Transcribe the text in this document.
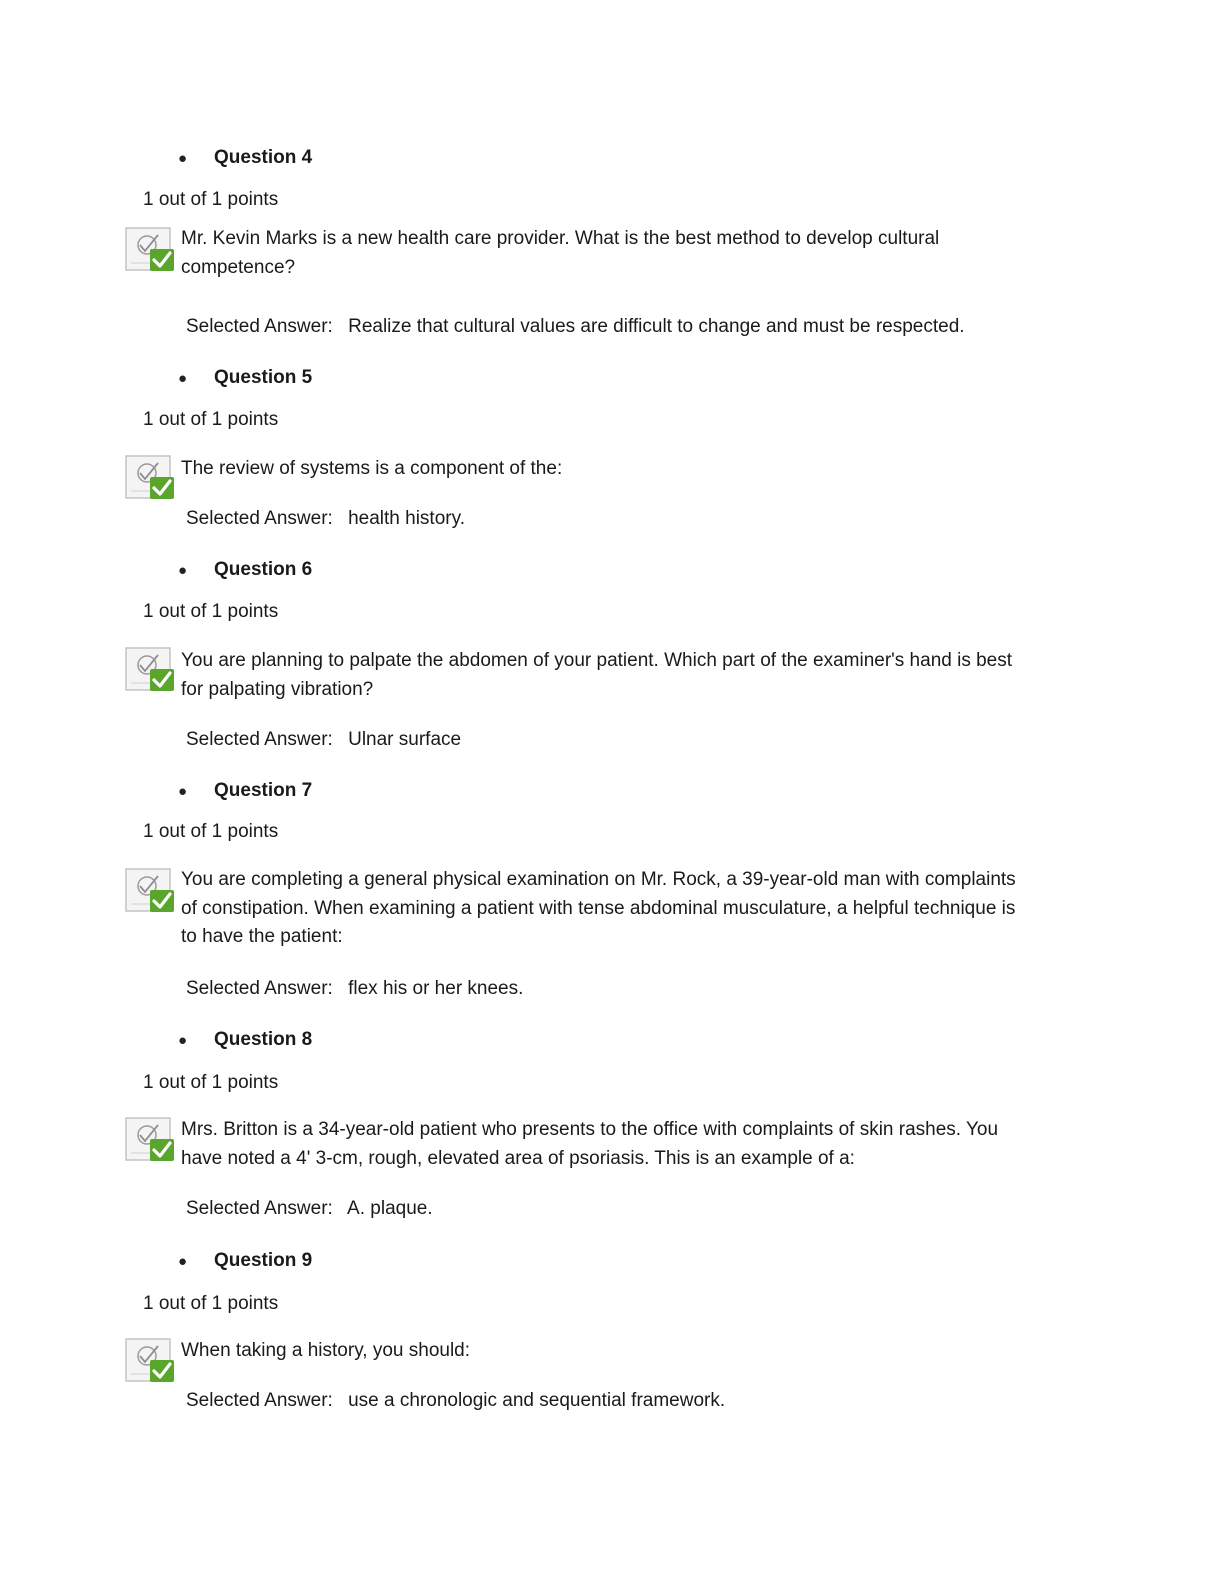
●	Question 4
1 out of 1 points
Mr. Kevin Marks is a new health care provider. What is the best method to develop cultural competence?
Selected Answer: Realize that cultural values are difficult to change and must be respected.
●	Question 5
1 out of 1 points
The review of systems is a component of the:
Selected Answer: health history.
●	Question 6
1 out of 1 points
You are planning to palpate the abdomen of your patient. Which part of the examiner's hand is best for palpating vibration?
Selected Answer: Ulnar surface
●	Question 7
1 out of 1 points
You are completing a general physical examination on Mr. Rock, a 39-year-old man with complaints of constipation. When examining a patient with tense abdominal musculature, a helpful technique is to have the patient:
Selected Answer: flex his or her knees.
●	Question 8
1 out of 1 points
Mrs. Britton is a 34-year-old patient who presents to the office with complaints of skin rashes. You have noted a 4' 3-cm, rough, elevated area of psoriasis. This is an example of a:
Selected Answer: A. plaque.
●	Question 9
1 out of 1 points
When taking a history, you should:
Selected Answer: use a chronologic and sequential framework.
